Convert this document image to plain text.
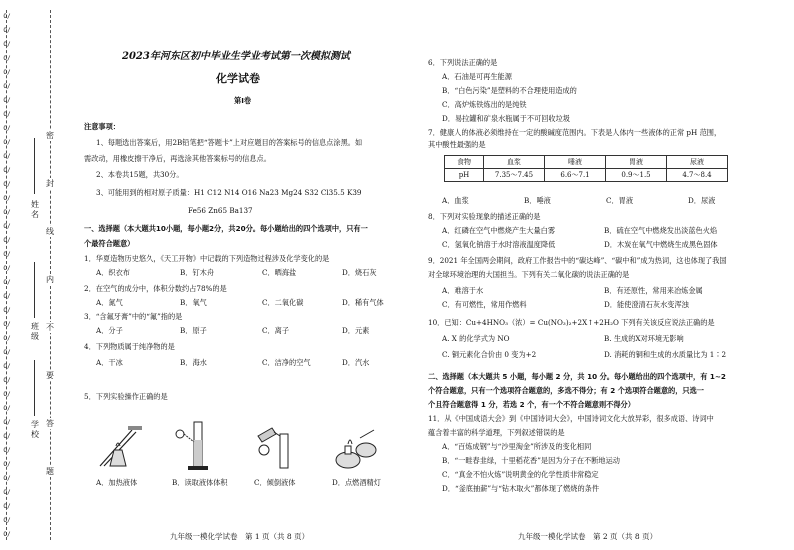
O/
O/
O/
O/
O/
O/
O/
O/
O/
O/
O/
O/
O/
O/
O/
O/
O/
O/
O/
O/
O/
O/
O/
O/
O/
O/
O/
O/
O/
O/
O/
O/
O/
O/
O/
O/
O/
O/
姓名
班级
学校
密
封
线
内
不
要
答
题
2023年河东区初中毕业生学业考试第一次模拟测试
化学试卷
第Ⅰ卷
注意事项：
1、每题选出答案后，用2B铅笔把“答题卡”上对应题目的答案标号的信息点涂黑。如
需改动，用橡皮擦干净后，再选涂其他答案标号的信息点。
2、本卷共15题，共30分。
3、可能用到的相对原子质量：H1 C12 N14 O16 Na23 Mg24 S32 Cl35.5 K39
Fe56 Zn65 Ba137
一、选择题（本大题共10小题，每小题2分，共20分。每小题给出的四个选项中，只有一
个最符合题意）
1．华夏造物历史悠久，《天工开物》中记载的下列造物过程涉及化学变化的是
A．织衣布	B．钉木舟	C．晒海盐	D．烧石灰
2．在空气的成分中，体积分数约占78%的是
A．氮气	B．氧气	C．二氧化碳	D．稀有气体
3．“含氟牙膏”中的“氟”指的是
A．分子	B．原子	C．离子	D．元素
4．下列物质属于纯净物的是
A．干冰	B．海水	C．洁净的空气	D．汽水
5．下列实验操作正确的是
A．加热液体	B．读取液体体积	C．倾倒液体	D．点燃酒精灯
九年级一模化学试卷　第 1 页（共 8 页）
6．下列说法正确的是
A．石油是可再生能源
B．“白色污染”是塑料的不合理使用造成的
C．高炉炼铁炼出的是纯铁
D．易拉罐和矿泉水瓶属于不可回收垃圾
7．健康人的体液必须维持在一定的酸碱度范围内。下表是人体内一些液体的正常 pH 范围，
其中酸性最强的是
食物	血浆	唾液	胃液	尿液
pH	7.35～7.45	6.6～7.1	0.9～1.5	4.7～8.4
A．血浆	B．唾液	C．胃液	D．尿液
8．下列对实验现象的描述正确的是
A．红磷在空气中燃烧产生大量白雾	B．硫在空气中燃烧发出淡蓝色火焰
C．氢氧化钠溶于水时溶液温度降低	D．木炭在氧气中燃烧生成黑色固体
9．2021 年全国两会期间，政府工作报告中的“碳达峰”、“碳中和”成为热词，这也体现了我国
对全球环境治理的大国担当。下列有关二氧化碳的说法正确的是
A．难溶于水	B．有还原性，常用来冶炼金属
C．有可燃性，常用作燃料	D．能使澄清石灰水变浑浊
10．已知：Cu+4HNO₃（浓）= Cu(NO₃)₂+2X↑+2H₂O 下列有关该反应说法正确的是
A. X 的化学式为 NO	B. 生成的X对环境无影响
C. 铜元素化合价由 0 变为+2	D. 消耗的铜和生成的水质量比为 1∶2
二、选择题（本大题共 5 小题，每小题 2 分，共 10 分。每小题给出的四个选项中，有 1~2
个符合题意，只有一个选项符合题意的，多选不得分；有 2 个选项符合题意的，只选一
个且符合题意得 1 分，若选 2 个，有一个不符合题意则不得分）
11．从《中国成语大会》到《中国诗词大会》，中国诗词文化大放异彩，很多成语、诗词中
蕴含着丰富的科学道理，下列叙述错误的是
A．“百炼成钢”与“沙里淘金”所涉及的变化相同
B．“一畦春韭绿，十里稻花香”是因为分子在不断地运动
C．“真金不怕火炼”说明黄金的化学性质非常稳定
D．“釜底抽薪”与“钻木取火”都体现了燃烧的条件
九年级一模化学试卷　第 2 页（共 8 页）
